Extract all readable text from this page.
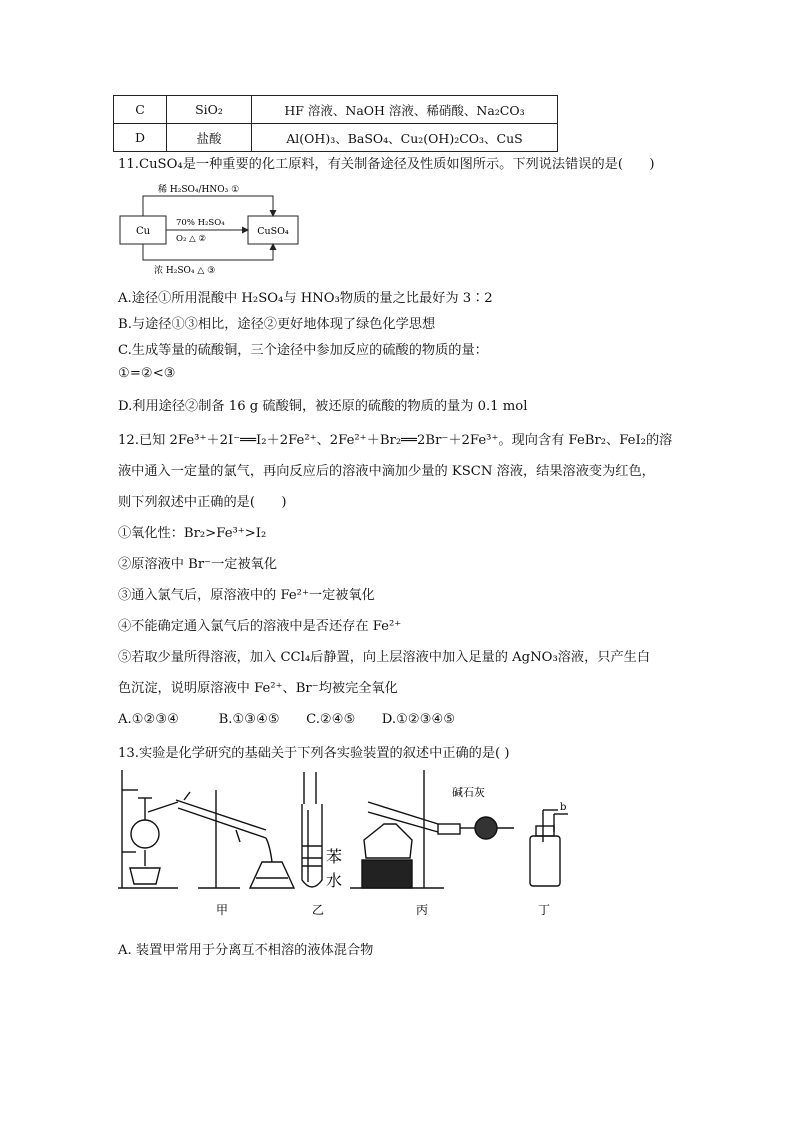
C	SiO₂	HF 溶液、NaOH 溶液、稀硝酸、Na₂CO₃
D	盐酸	Al(OH)₃、BaSO₄、Cu₂(OH)₂CO₃、CuS
11.CuSO₄是一种重要的化工原料，有关制备途径及性质如图所示。下列说法错误的是(　　)
Cu	CuSO₄
稀 H₂SO₄/HNO₃ ①
70% H₂SO₄
O₂ △ ②
浓 H₂SO₄ △ ③
A.途径①所用混酸中 H₂SO₄与 HNO₃物质的量之比最好为 3∶2
B.与途径①③相比，途径②更好地体现了绿色化学思想
C.生成等量的硫酸铜，三个途径中参加反应的硫酸的物质的量：
①=②<③
D.利用途径②制备 16 g 硫酸铜，被还原的硫酸的物质的量为 0.1 mol
12.已知 2Fe³⁺＋2I⁻══I₂＋2Fe²⁺、2Fe²⁺＋Br₂══2Br⁻＋2Fe³⁺。现向含有 FeBr₂、FeI₂的溶
液中通入一定量的氯气，再向反应后的溶液中滴加少量的 KSCN 溶液，结果溶液变为红色，
则下列叙述中正确的是(　　)
①氧化性：Br₂>Fe³⁺>I₂
②原溶液中 Br⁻一定被氧化
③通入氯气后，原溶液中的 Fe²⁺一定被氧化
④不能确定通入氯气后的溶液中是否还存在 Fe²⁺
⑤若取少量所得溶液，加入 CCl₄后静置，向上层溶液中加入足量的 AgNO₃溶液，只产生白
色沉淀，说明原溶液中 Fe²⁺、Br⁻均被完全氧化
A.①②③④　　　B.①③④⑤　　C.②④⑤　　D.①②③④⑤
13.实验是化学研究的基础关于下列各实验装置的叙述中正确的是( )
苯
水
碱石灰
b
甲	乙	丙	丁
A. 装置甲常用于分离互不相溶的液体混合物
